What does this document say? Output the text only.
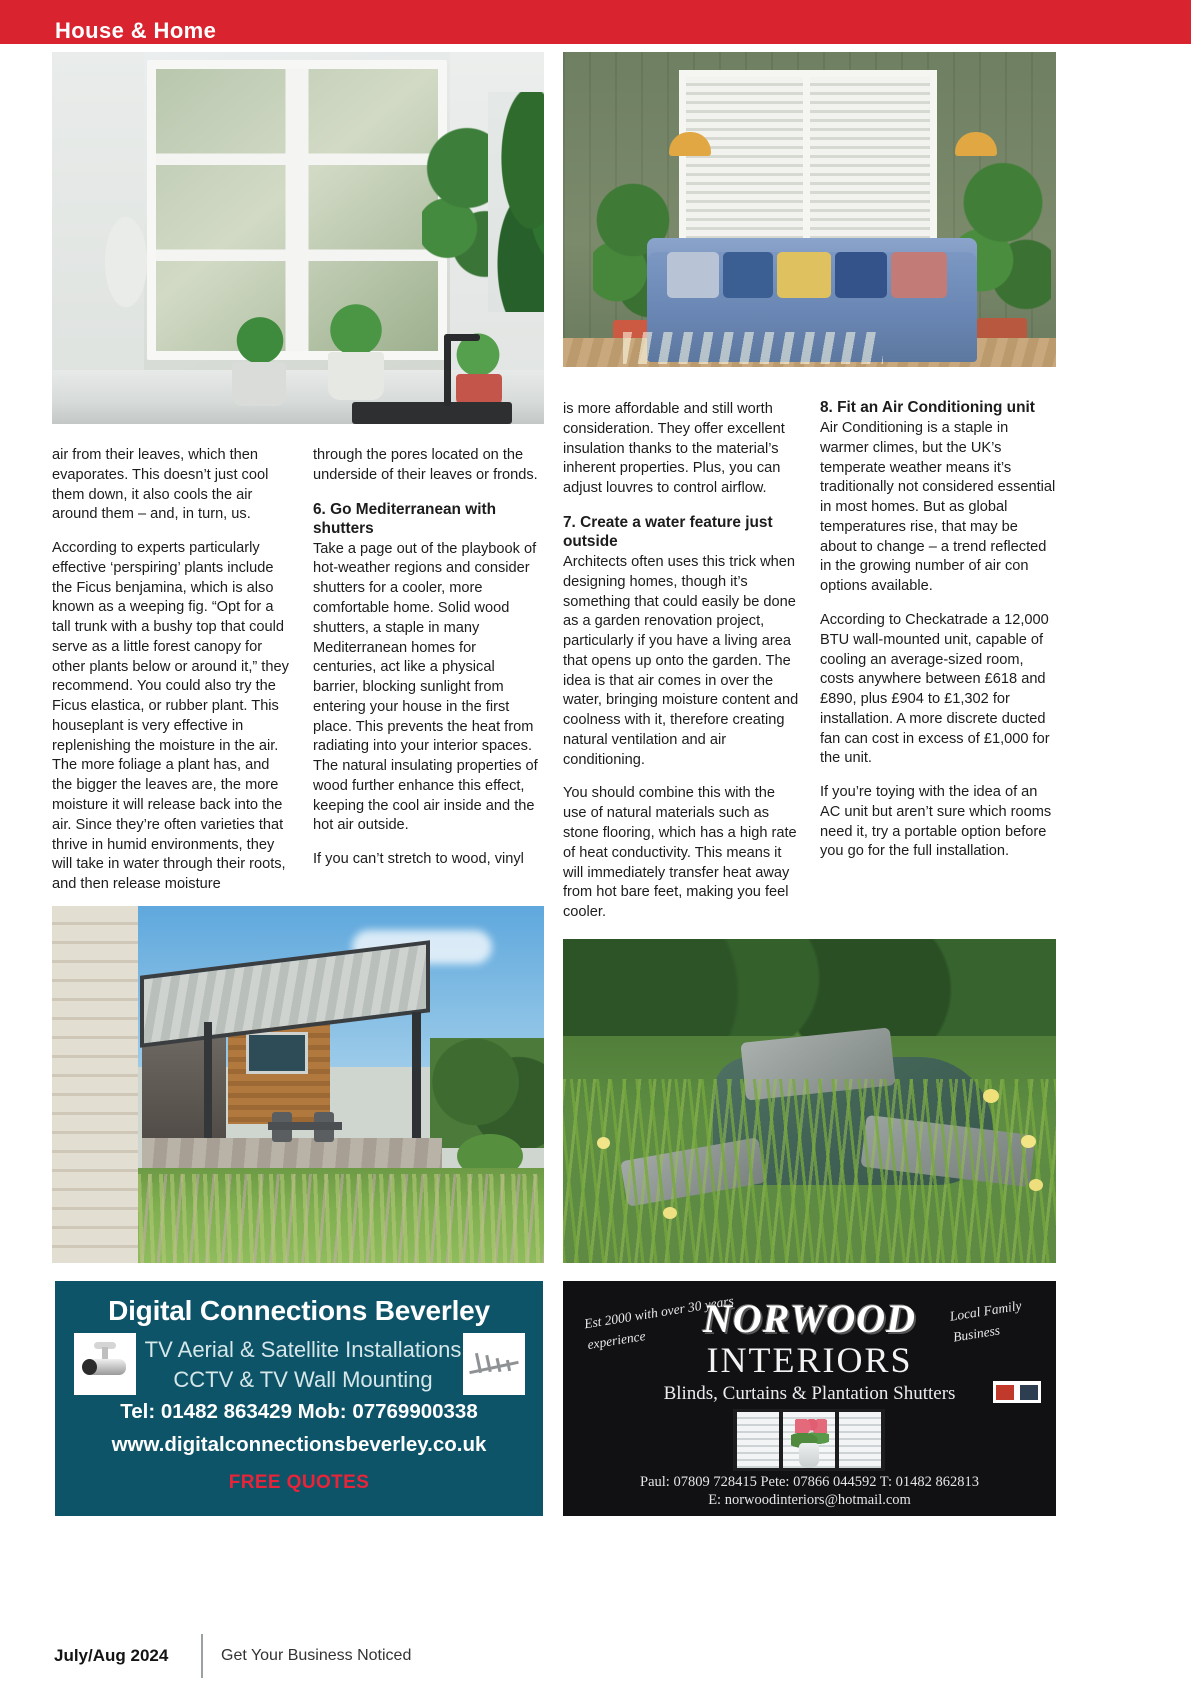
House & Home

air from their leaves, which then evaporates. This doesn’t just cool them down, it also cools the air around them – and, in turn, us.

According to experts particularly effective ‘perspiring’ plants include the Ficus benjamina, which is also known as a weeping fig. “Opt for a tall trunk with a bushy top that could serve as a little forest canopy for other plants below or around it,” they recommend. You could also try the Ficus elastica, or rubber plant. This houseplant is very effective in replenishing the moisture in the air. The more foliage a plant has, and the bigger the leaves are, the more moisture it will release back into the air. Since they’re often varieties that thrive in humid environments, they will take in water through their roots, and then release moisture

through the pores located on the underside of their leaves or fronds.

6. Go Mediterranean with shutters

Take a page out of the playbook of hot-weather regions and consider shutters for a cooler, more comfortable home. Solid wood shutters, a staple in many Mediterranean homes for centuries, act like a physical barrier, blocking sunlight from entering your house in the first place. This prevents the heat from radiating into your interior spaces. The natural insulating properties of wood further enhance this effect, keeping the cool air inside and the hot air outside.

If you can’t stretch to wood, vinyl

is more affordable and still worth consideration. They offer excellent insulation thanks to the material’s inherent properties. Plus, you can adjust louvres to control airflow.

7. Create a water feature just outside

Architects often uses this trick when designing homes, though it’s something that could easily be done as a garden renovation project, particularly if you have a living area that opens up onto the garden. The idea is that air comes in over the water, bringing moisture content and coolness with it, therefore creating natural ventilation and air conditioning.

You should combine this with the use of natural materials such as stone flooring, which has a high rate of heat conductivity. This means it will immediately transfer heat away from hot bare feet, making you feel cooler.

8. Fit an Air Conditioning unit

Air Conditioning is a staple in warmer climes, but the UK’s temperate weather means it’s traditionally not considered essential in most homes. But as global temperatures rise, that may be about to change – a trend reflected in the growing number of air con options available.

According to Checkatrade a 12,000 BTU wall-mounted unit, capable of cooling an average-sized room, costs anywhere between £618 and £890, plus £904 to £1,302 for installation. A more discrete ducted fan can cost in excess of £1,000 for the unit.

If you’re toying with the idea of an AC unit but aren’t sure which rooms need it, try a portable option before you go for the full installation.

Digital Connections Beverley
TV Aerial & Satellite Installations
CCTV & TV Wall Mounting
Tel: 01482 863429 Mob: 07769900338
www.digitalconnectionsbeverley.co.uk
FREE QUOTES
Est 2000 with over 30 years experience
Local Family Business
NORWOOD
INTERIORS
Blinds, Curtains & Plantation Shutters
Paul: 07809 728415 Pete: 07866 044592 T: 01482 862813
E: norwoodinteriors@hotmail.com
July/Aug 2024	Get Your Business Noticed
